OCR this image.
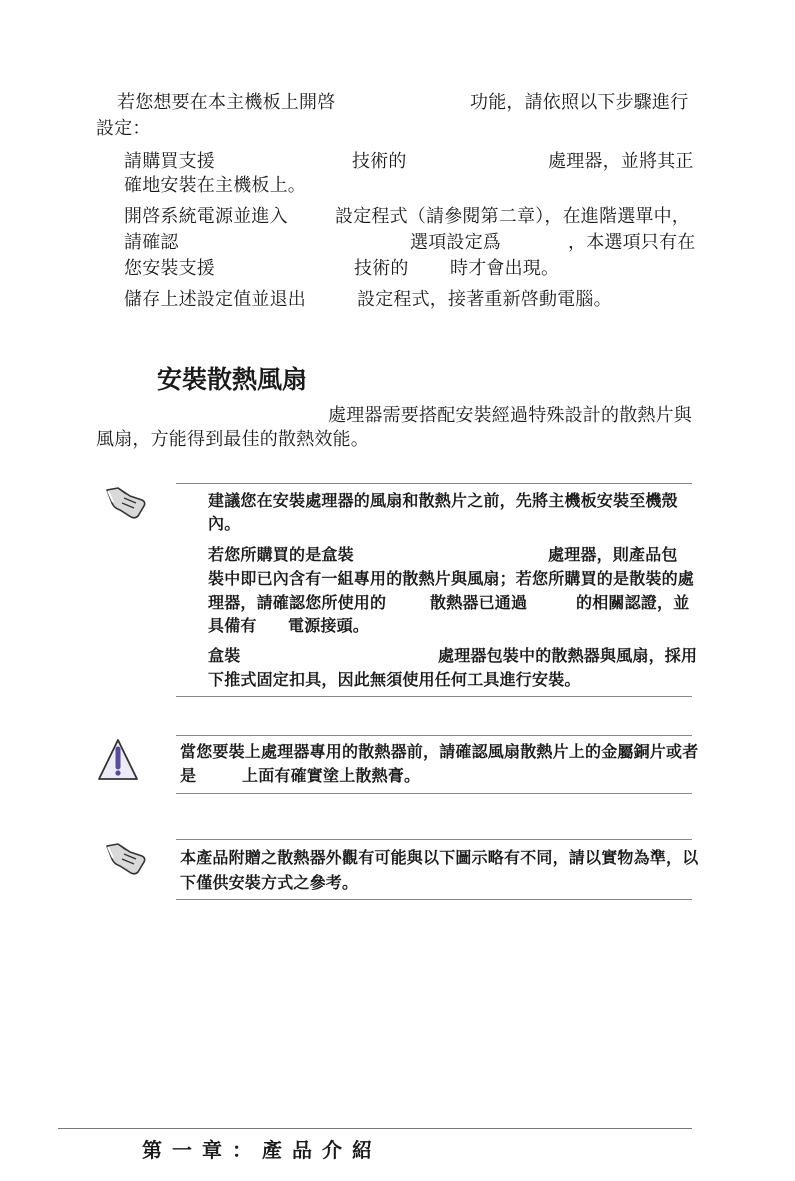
若您想要在本主機板上開啓	功能，請依照以下步驟進行
設定：
請購買支援	技術的	處理器，並將其正
確地安裝在主機板上。
開啓系統電源並進入	設定程式（請參閱第二章），在進階選單中，
請確認	選項設定爲	，本選項只有在
您安裝支援	技術的 時才會出現。
儲存上述設定值並退出	設定程式，接著重新啓動電腦。
安裝散熱風扇
處理器需要搭配安裝經過特殊設計的散熱片與
風扇，方能得到最佳的散熱效能。
建議您在安裝處理器的風扇和散熱片之前，先將主機板安裝至機殼
內。
若您所購買的是盒裝	處理器，則產品包
裝中即已內含有一組專用的散熱片與風扇；若您所購買的是散裝的處
理器，請確認您所使用的	散熱器已通過	的相關認證，並
具備有 電源接頭。
盒裝	處理器包裝中的散熱器與風扇，採用
下推式固定扣具，因此無須使用任何工具進行安裝。
當您要裝上處理器專用的散熱器前，請確認風扇散熱片上的金屬銅片或者
是	上面有確實塗上散熱膏。
本產品附贈之散熱器外觀有可能與以下圖示略有不同，請以實物為準，以
下僅供安裝方式之參考。
第一章：產品介紹
